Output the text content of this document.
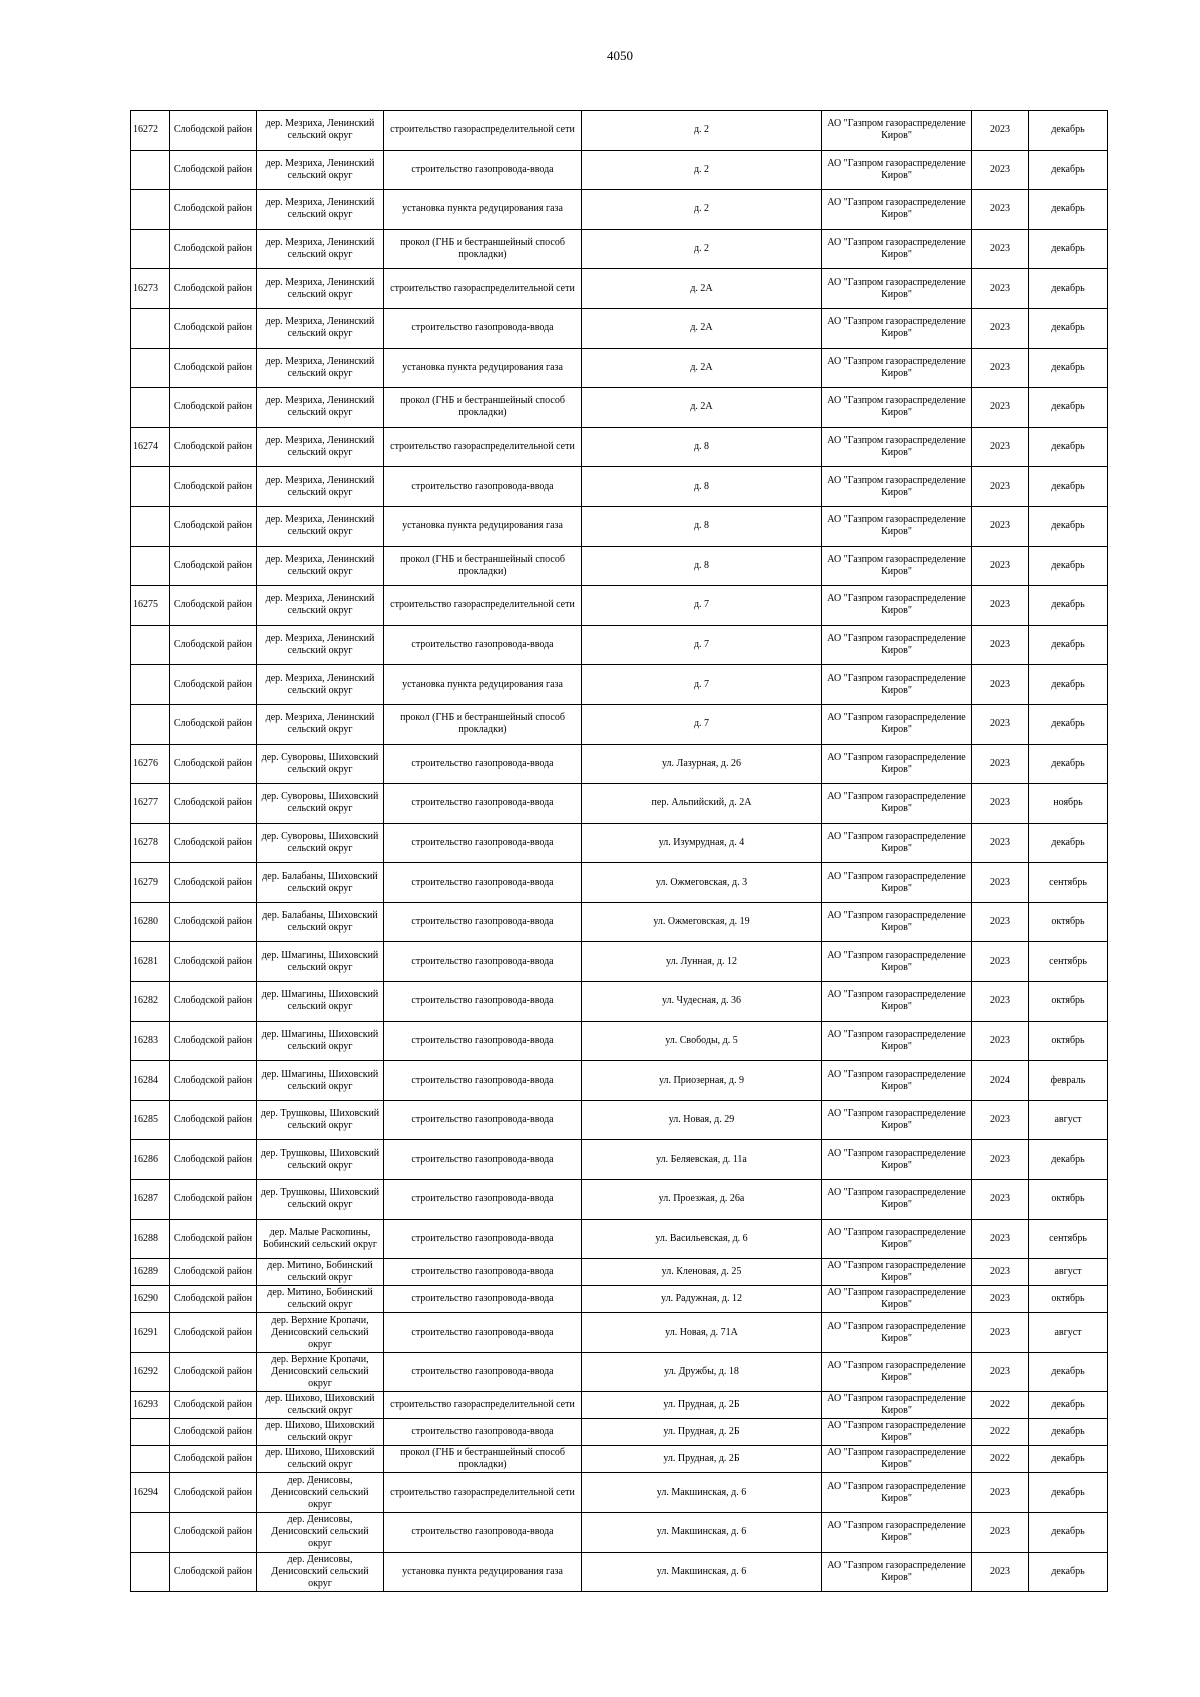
4050
16272	Слободской район	дер. Мезриха, Ленинский сельский округ	строительство газораспределительной сети	д. 2	АО "Газпром газораспределение Киров"	2023	декабрь
	Слободской район	дер. Мезриха, Ленинский сельский округ	строительство газопровода-ввода	д. 2	АО "Газпром газораспределение Киров"	2023	декабрь
	Слободской район	дер. Мезриха, Ленинский сельский округ	установка пункта редуцирования газа	д. 2	АО "Газпром газораспределение Киров"	2023	декабрь
	Слободской район	дер. Мезриха, Ленинский сельский округ	прокол (ГНБ и бестраншейный способ прокладки)	д. 2	АО "Газпром газораспределение Киров"	2023	декабрь
16273	Слободской район	дер. Мезриха, Ленинский сельский округ	строительство газораспределительной сети	д. 2А	АО "Газпром газораспределение Киров"	2023	декабрь
	Слободской район	дер. Мезриха, Ленинский сельский округ	строительство газопровода-ввода	д. 2А	АО "Газпром газораспределение Киров"	2023	декабрь
	Слободской район	дер. Мезриха, Ленинский сельский округ	установка пункта редуцирования газа	д. 2А	АО "Газпром газораспределение Киров"	2023	декабрь
	Слободской район	дер. Мезриха, Ленинский сельский округ	прокол (ГНБ и бестраншейный способ прокладки)	д. 2А	АО "Газпром газораспределение Киров"	2023	декабрь
16274	Слободской район	дер. Мезриха, Ленинский сельский округ	строительство газораспределительной сети	д. 8	АО "Газпром газораспределение Киров"	2023	декабрь
	Слободской район	дер. Мезриха, Ленинский сельский округ	строительство газопровода-ввода	д. 8	АО "Газпром газораспределение Киров"	2023	декабрь
	Слободской район	дер. Мезриха, Ленинский сельский округ	установка пункта редуцирования газа	д. 8	АО "Газпром газораспределение Киров"	2023	декабрь
	Слободской район	дер. Мезриха, Ленинский сельский округ	прокол (ГНБ и бестраншейный способ прокладки)	д. 8	АО "Газпром газораспределение Киров"	2023	декабрь
16275	Слободской район	дер. Мезриха, Ленинский сельский округ	строительство газораспределительной сети	д. 7	АО "Газпром газораспределение Киров"	2023	декабрь
	Слободской район	дер. Мезриха, Ленинский сельский округ	строительство газопровода-ввода	д. 7	АО "Газпром газораспределение Киров"	2023	декабрь
	Слободской район	дер. Мезриха, Ленинский сельский округ	установка пункта редуцирования газа	д. 7	АО "Газпром газораспределение Киров"	2023	декабрь
	Слободской район	дер. Мезриха, Ленинский сельский округ	прокол (ГНБ и бестраншейный способ прокладки)	д. 7	АО "Газпром газораспределение Киров"	2023	декабрь
16276	Слободской район	дер. Суворовы, Шиховский сельский округ	строительство газопровода-ввода	ул. Лазурная, д. 26	АО "Газпром газораспределение Киров"	2023	декабрь
16277	Слободской район	дер. Суворовы, Шиховский сельский округ	строительство газопровода-ввода	пер. Альпийский, д. 2А	АО "Газпром газораспределение Киров"	2023	ноябрь
16278	Слободской район	дер. Суворовы, Шиховский сельский округ	строительство газопровода-ввода	ул. Изумрудная, д. 4	АО "Газпром газораспределение Киров"	2023	декабрь
16279	Слободской район	дер. Балабаны, Шиховский сельский округ	строительство газопровода-ввода	ул. Ожмеговская, д. 3	АО "Газпром газораспределение Киров"	2023	сентябрь
16280	Слободской район	дер. Балабаны, Шиховский сельский округ	строительство газопровода-ввода	ул. Ожмеговская, д. 19	АО "Газпром газораспределение Киров"	2023	октябрь
16281	Слободской район	дер. Шмагины, Шиховский сельский округ	строительство газопровода-ввода	ул. Лунная, д. 12	АО "Газпром газораспределение Киров"	2023	сентябрь
16282	Слободской район	дер. Шмагины, Шиховский сельский округ	строительство газопровода-ввода	ул. Чудесная, д. 36	АО "Газпром газораспределение Киров"	2023	октябрь
16283	Слободской район	дер. Шмагины, Шиховский сельский округ	строительство газопровода-ввода	ул. Свободы, д. 5	АО "Газпром газораспределение Киров"	2023	октябрь
16284	Слободской район	дер. Шмагины, Шиховский сельский округ	строительство газопровода-ввода	ул. Приозерная, д. 9	АО "Газпром газораспределение Киров"	2024	февраль
16285	Слободской район	дер. Трушковы, Шиховский сельский округ	строительство газопровода-ввода	ул. Новая, д. 29	АО "Газпром газораспределение Киров"	2023	август
16286	Слободской район	дер. Трушковы, Шиховский сельский округ	строительство газопровода-ввода	ул. Беляевская, д. 11а	АО "Газпром газораспределение Киров"	2023	декабрь
16287	Слободской район	дер. Трушковы, Шиховский сельский округ	строительство газопровода-ввода	ул. Проезжая, д. 26а	АО "Газпром газораспределение Киров"	2023	октябрь
16288	Слободской район	дер. Малые Раскопины, Бобинский сельский округ	строительство газопровода-ввода	ул. Васильевская, д. 6	АО "Газпром газораспределение Киров"	2023	сентябрь
16289	Слободской район	дер. Митино, Бобинский сельский округ	строительство газопровода-ввода	ул. Кленовая, д. 25	АО "Газпром газораспределение Киров"	2023	август
16290	Слободской район	дер. Митино, Бобинский сельский округ	строительство газопровода-ввода	ул. Радужная, д. 12	АО "Газпром газораспределение Киров"	2023	октябрь
16291	Слободской район	дер. Верхние Кропачи, Денисовский сельский округ	строительство газопровода-ввода	ул. Новая, д. 71А	АО "Газпром газораспределение Киров"	2023	август
16292	Слободской район	дер. Верхние Кропачи, Денисовский сельский округ	строительство газопровода-ввода	ул. Дружбы, д. 18	АО "Газпром газораспределение Киров"	2023	декабрь
16293	Слободской район	дер. Шихово, Шиховский сельский округ	строительство газораспределительной сети	ул. Прудная, д. 2Б	АО "Газпром газораспределение Киров"	2022	декабрь
	Слободской район	дер. Шихово, Шиховский сельский округ	строительство газопровода-ввода	ул. Прудная, д. 2Б	АО "Газпром газораспределение Киров"	2022	декабрь
	Слободской район	дер. Шихово, Шиховский сельский округ	прокол (ГНБ и бестраншейный способ прокладки)	ул. Прудная, д. 2Б	АО "Газпром газораспределение Киров"	2022	декабрь
16294	Слободской район	дер. Денисовы, Денисовский сельский округ	строительство газораспределительной сети	ул. Макшинская, д. 6	АО "Газпром газораспределение Киров"	2023	декабрь
	Слободской район	дер. Денисовы, Денисовский сельский округ	строительство газопровода-ввода	ул. Макшинская, д. 6	АО "Газпром газораспределение Киров"	2023	декабрь
	Слободской район	дер. Денисовы, Денисовский сельский округ	установка пункта редуцирования газа	ул. Макшинская, д. 6	АО "Газпром газораспределение Киров"	2023	декабрь
